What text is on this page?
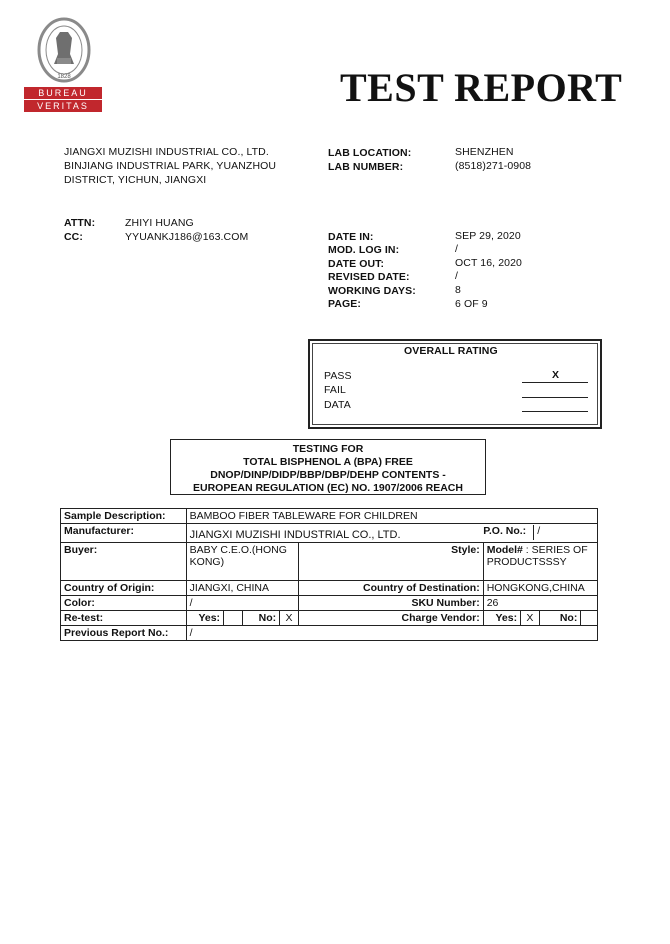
1828
BUREAU
VERITAS	TEST REPORT
JIANGXI MUZISHI INDUSTRIAL CO., LTD.
BINJIANG INDUSTRIAL PARK, YUANZHOU
DISTRICT, YICHUN, JIANGXI
LAB LOCATION:	SHENZHEN
LAB NUMBER:	(8518)271-0908
ATTN:	ZHIYI HUANG
CC:	YYUANKJ186@163.COM	DATE IN:	SEP 29, 2020
MOD. LOG IN:	/
DATE OUT:	OCT 16, 2020
REVISED DATE:	/
WORKING DAYS:	8
PAGE:	6 OF 9
OVERALL RATING
PASS	X
FAIL
DATA
TESTING FOR
TOTAL BISPHENOL A (BPA) FREE
DNOP/DINP/DIDP/BBP/DBP/DEHP CONTENTS -
EUROPEAN REGULATION (EC) NO. 1907/2006 REACH
Sample Description:	BAMBOO FIBER TABLEWARE FOR CHILDREN								
Manufacturer:	JIANGXI MUZISHI INDUSTRIAL CO., LTD.					P.O. No.: /			
Buyer:	BABY C.E.O.(HONG KONG)				Style:	Model# : SERIES OF PRODUCTSSSY			
Country of Origin:	JIANGXI, CHINA				Country of Destination:	HONGKONG,CHINA			
Color:	/				SKU Number:	26			
Re-test:	Yes:		No:	X	Charge Vendor:	Yes:	X	No:	
Previous Report No.:	/								
